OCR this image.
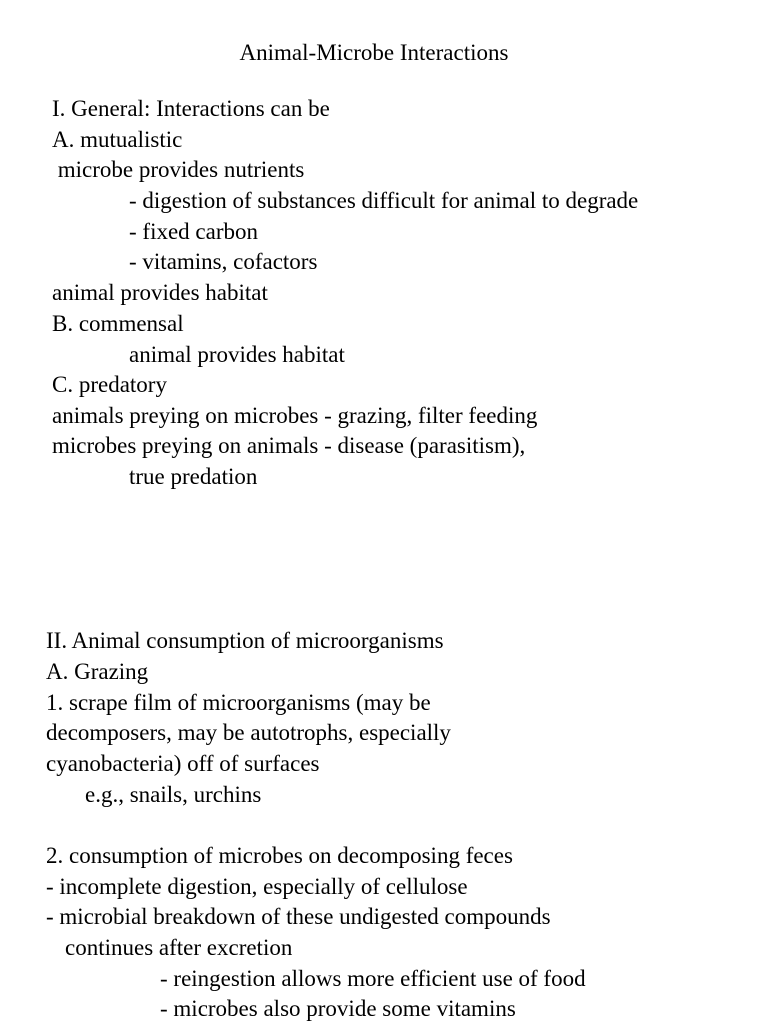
Animal-Microbe Interactions
I. General: Interactions can be
A. mutualistic
microbe provides nutrients
- digestion of substances difficult for animal to degrade
- fixed carbon
- vitamins, cofactors
animal provides habitat
B. commensal
animal provides habitat
C. predatory
animals preying on microbes - grazing, filter feeding
microbes preying on animals - disease (parasitism),
true predation
II. Animal consumption of microorganisms
A. Grazing
1. scrape film of microorganisms (may be
decomposers, may be autotrophs, especially
cyanobacteria) off of surfaces
e.g., snails, urchins
2. consumption of microbes on decomposing feces
- incomplete digestion, especially of cellulose
- microbial breakdown of these undigested compounds
continues after excretion
- reingestion allows more efficient use of food
- microbes also provide some vitamins
